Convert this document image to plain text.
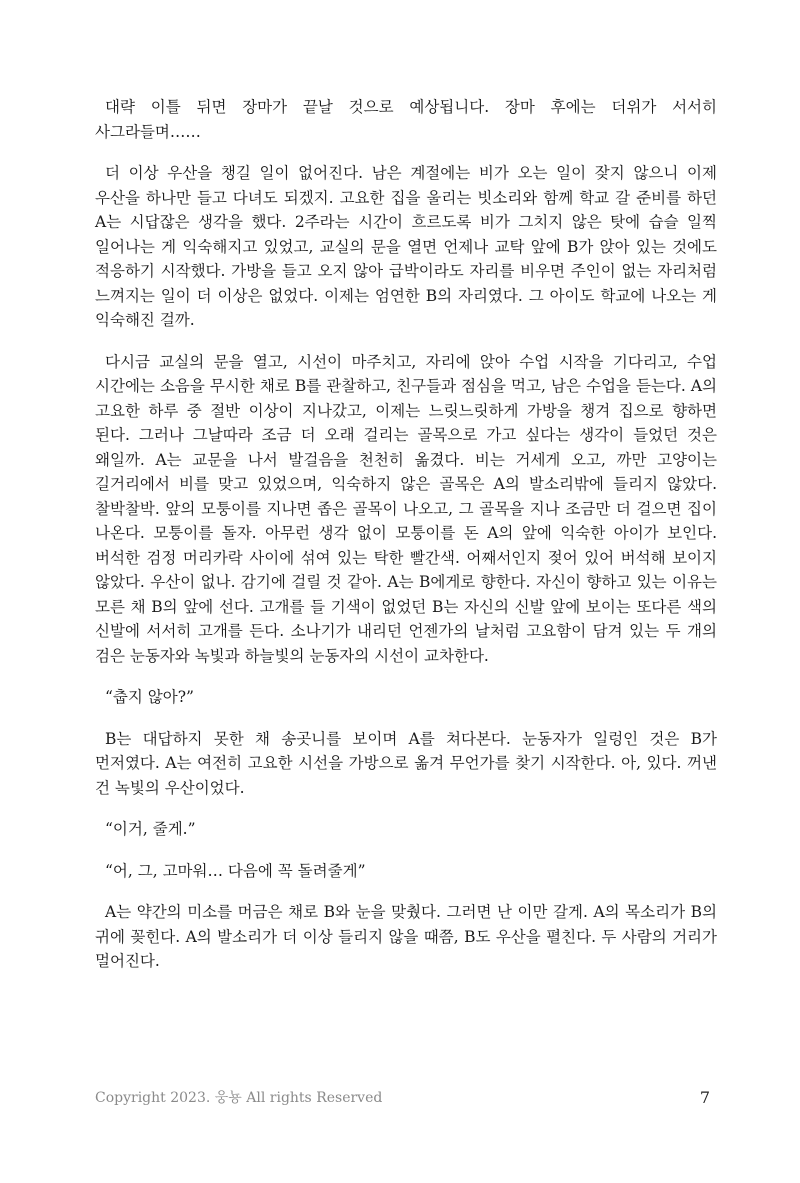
대략 이틀 뒤면 장마가 끝날 것으로 예상됩니다. 장마 후에는 더위가 서서히 사그라들며……

더 이상 우산을 챙길 일이 없어진다. 남은 계절에는 비가 오는 일이 잦지 않으니 이제 우산을 하나만 들고 다녀도 되겠지. 고요한 집을 울리는 빗소리와 함께 학교 갈 준비를 하던 A는 시답잖은 생각을 했다. 2주라는 시간이 흐르도록 비가 그치지 않은 탓에 습슬 일찍 일어나는 게 익숙해지고 있었고, 교실의 문을 열면 언제나 교탁 앞에 B가 앉아 있는 것에도 적응하기 시작했다. 가방을 들고 오지 않아 급박이라도 자리를 비우면 주인이 없는 자리처럼 느껴지는 일이 더 이상은 없었다. 이제는 엄연한 B의 자리였다. 그 아이도 학교에 나오는 게 익숙해진 걸까.

다시금 교실의 문을 열고, 시선이 마주치고, 자리에 앉아 수업 시작을 기다리고, 수업 시간에는 소음을 무시한 채로 B를 관찰하고, 친구들과 점심을 먹고, 남은 수업을 듣는다. A의 고요한 하루 중 절반 이상이 지나갔고, 이제는 느릿느릿하게 가방을 챙겨 집으로 향하면 된다. 그러나 그날따라 조금 더 오래 걸리는 골목으로 가고 싶다는 생각이 들었던 것은 왜일까. A는 교문을 나서 발걸음을 천천히 옮겼다. 비는 거세게 오고, 까만 고양이는 길거리에서 비를 맞고 있었으며, 익숙하지 않은 골목은 A의 발소리밖에 들리지 않았다. 찰박찰박. 앞의 모퉁이를 지나면 좁은 골목이 나오고, 그 골목을 지나 조금만 더 걸으면 집이 나온다. 모퉁이를 돌자. 아무런 생각 없이 모퉁이를 돈 A의 앞에 익숙한 아이가 보인다. 버석한 검정 머리카락 사이에 섞여 있는 탁한 빨간색. 어째서인지 젖어 있어 버석해 보이지 않았다. 우산이 없나. 감기에 걸릴 것 같아. A는 B에게로 향한다. 자신이 향하고 있는 이유는 모른 채 B의 앞에 선다. 고개를 들 기색이 없었던 B는 자신의 신발 앞에 보이는 또다른 색의 신발에 서서히 고개를 든다. 소나기가 내리던 언젠가의 날처럼 고요함이 담겨 있는 두 개의 검은 눈동자와 녹빛과 하늘빛의 눈동자의 시선이 교차한다.

“춥지 않아?”

B는 대답하지 못한 채 송곳니를 보이며 A를 쳐다본다. 눈동자가 일렁인 것은 B가 먼저였다. A는 여전히 고요한 시선을 가방으로 옮겨 무언가를 찾기 시작한다. 아, 있다. 꺼낸 건 녹빛의 우산이었다.

“이거, 줄게.”

“어, 그, 고마워… 다음에 꼭 돌려줄게”

A는 약간의 미소를 머금은 채로 B와 눈을 맞췄다. 그러면 난 이만 갈게. A의 목소리가 B의 귀에 꽂힌다. A의 발소리가 더 이상 들리지 않을 때쯤, B도 우산을 펼친다. 두 사람의 거리가 멀어진다.

Copyright 2023. 웅뇽 All rights Reserved	7
